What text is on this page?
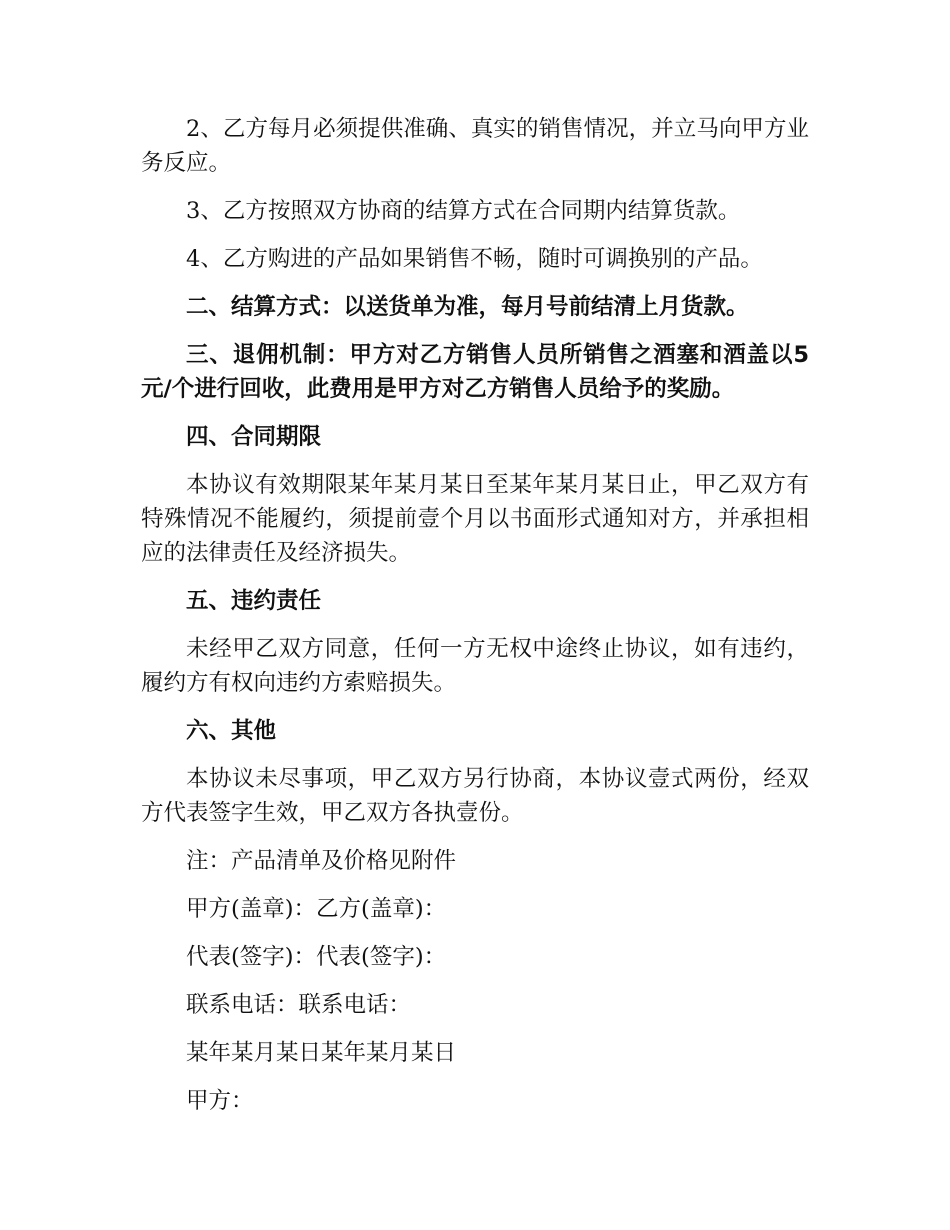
2、乙方每月必须提供准确、真实的销售情况，并立马向甲方业务反应。

3、乙方按照双方协商的结算方式在合同期内结算货款。

4、乙方购进的产品如果销售不畅，随时可调换别的产品。

二、结算方式：以送货单为准，每月号前结清上月货款。

三、退佣机制：甲方对乙方销售人员所销售之酒塞和酒盖以5元/个进行回收，此费用是甲方对乙方销售人员给予的奖励。

四、合同期限

本协议有效期限某年某月某日至某年某月某日止，甲乙双方有特殊情况不能履约，须提前壹个月以书面形式通知对方，并承担相应的法律责任及经济损失。

五、违约责任

未经甲乙双方同意，任何一方无权中途终止协议，如有违约，履约方有权向违约方索赔损失。

六、其他

本协议未尽事项，甲乙双方另行协商，本协议壹式两份，经双方代表签字生效，甲乙双方各执壹份。

注：产品清单及价格见附件

甲方(盖章)：乙方(盖章)：

代表(签字)：代表(签字)：

联系电话：联系电话：

某年某月某日某年某月某日

甲方：
